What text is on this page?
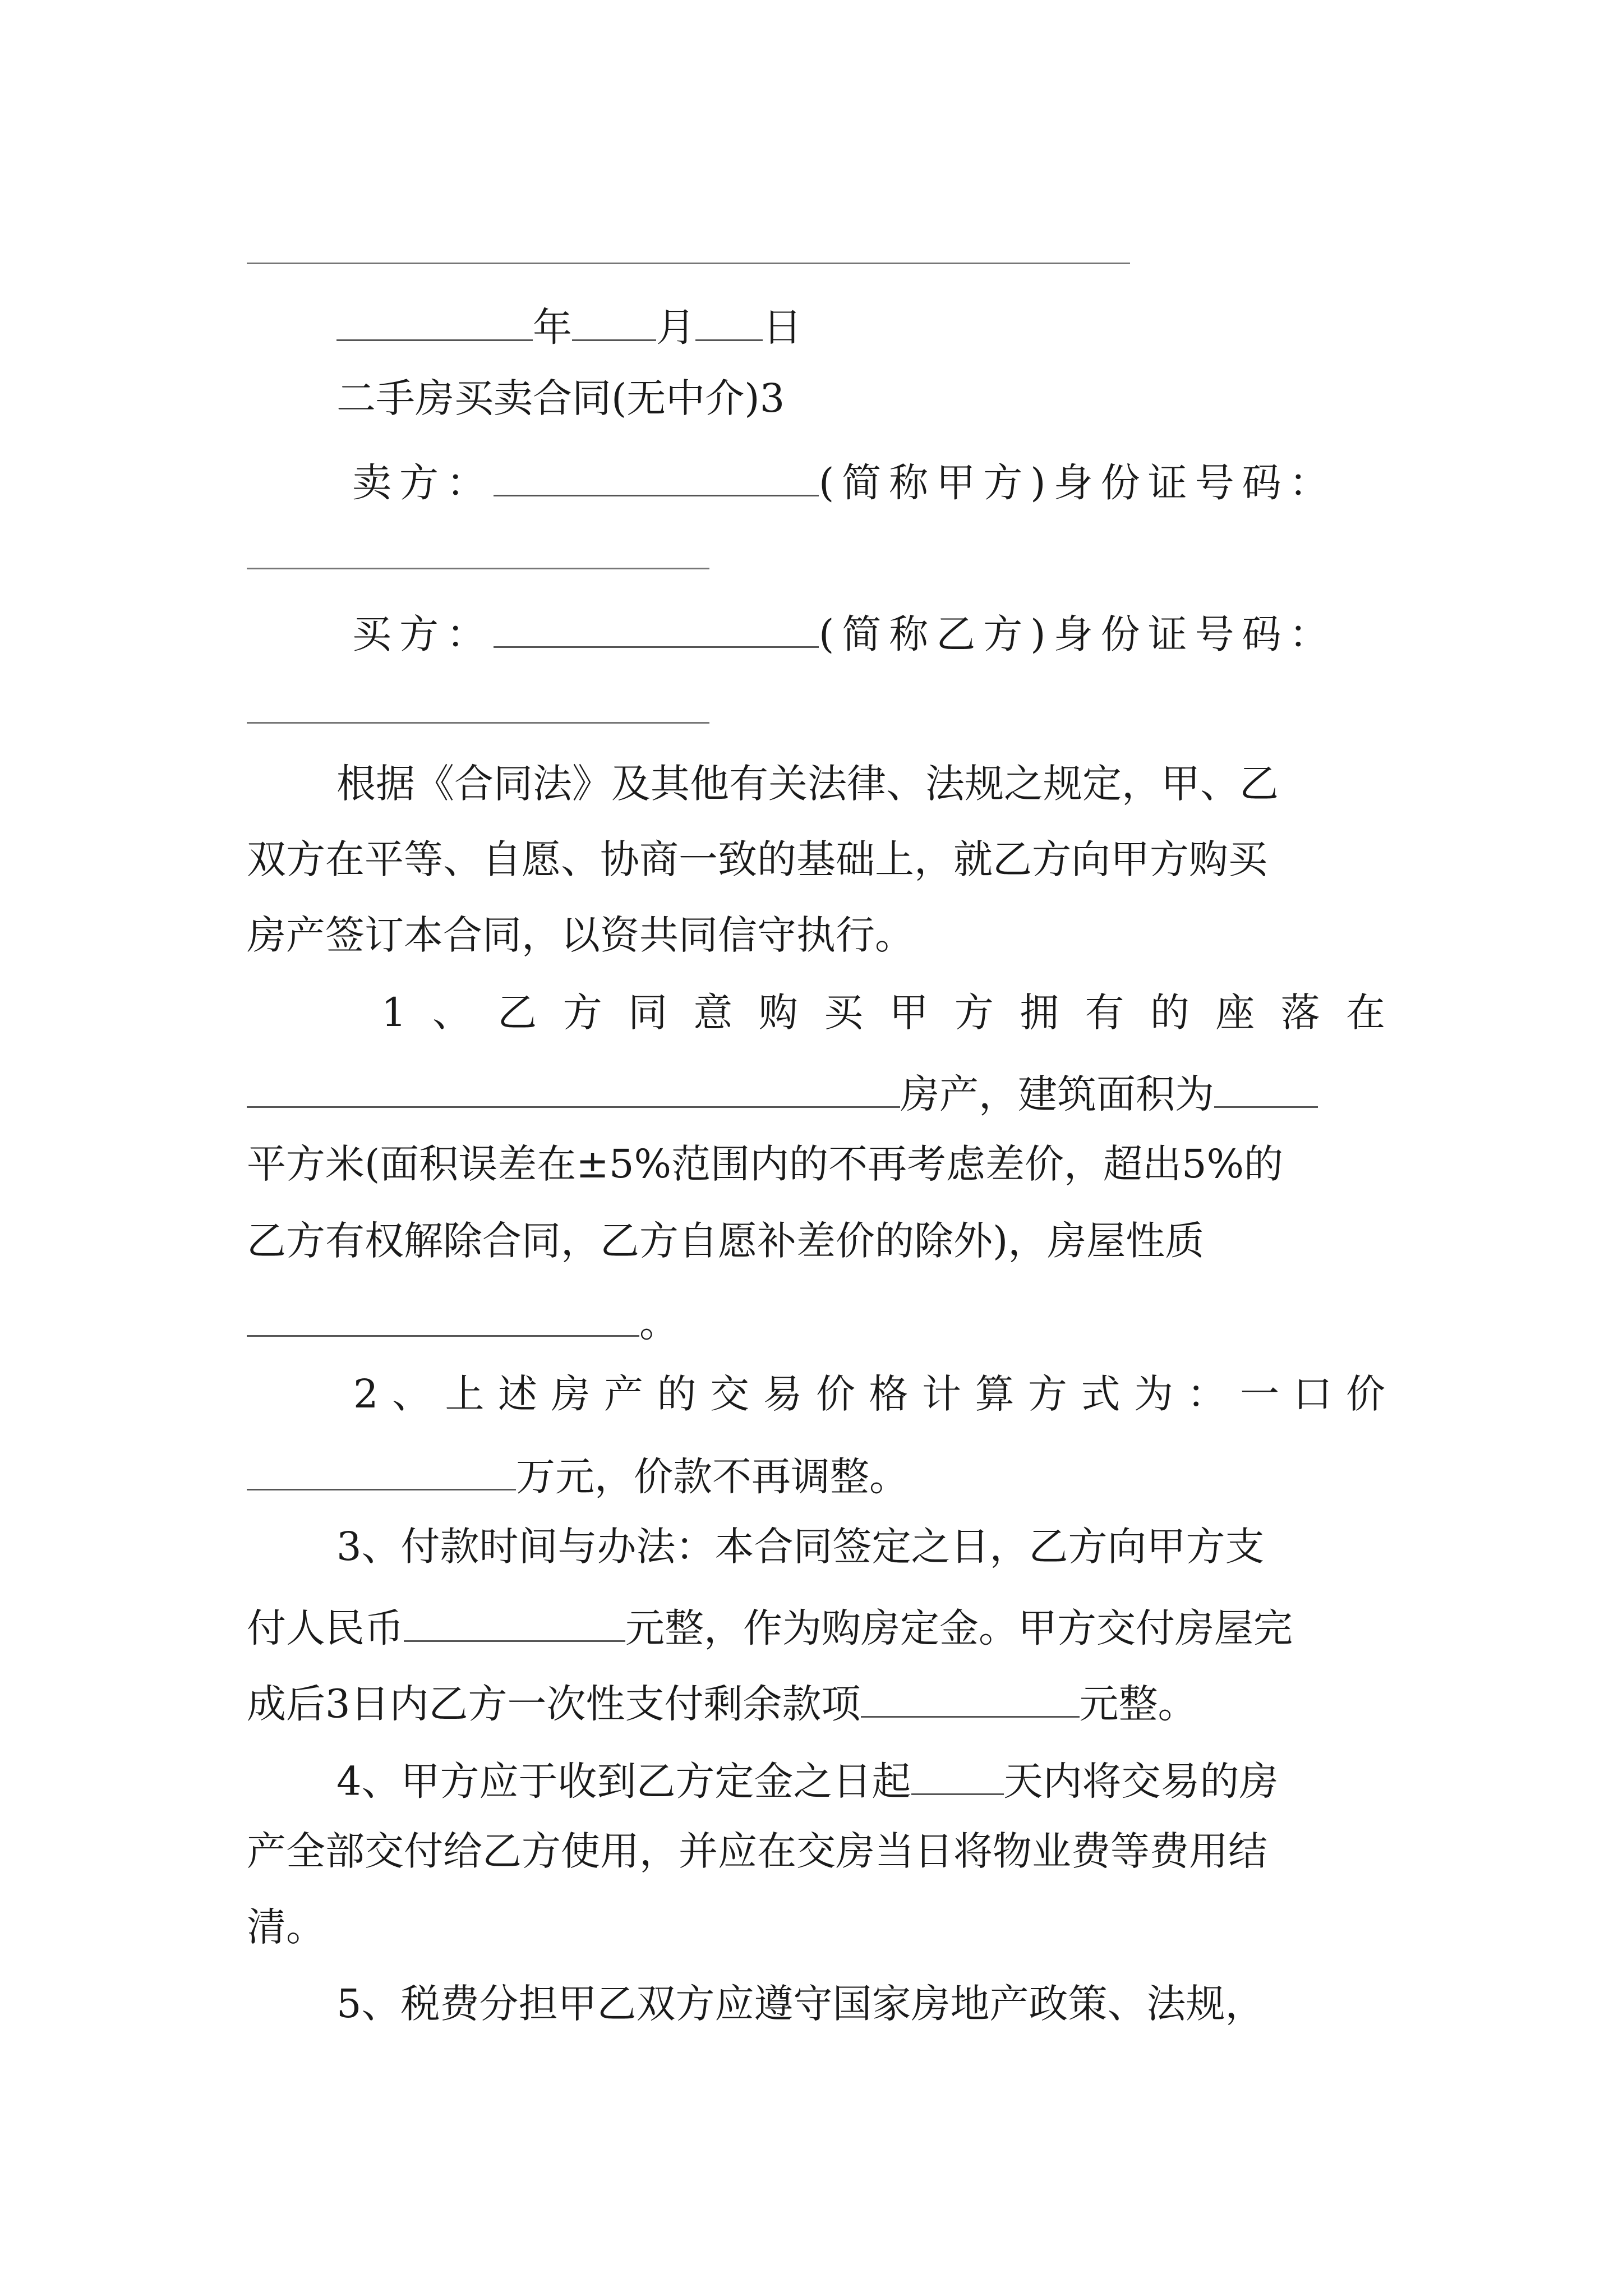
年 月 日
二手房买卖合同(无中介)3
卖方：	(简称甲方)身份证号码：
买方：	(简称乙方)身份证号码：
根据《合同法》及其他有关法律、法规之规定，甲、乙
双方在平等、自愿、协商一致的基础上，就乙方向甲方购买
房产签订本合同，以资共同信守执行。
1、乙方同意购买甲方拥有的座落在
房产，建筑面积为
平方米(面积误差在±5%范围内的不再考虑差价，超出5%的
乙方有权解除合同，乙方自愿补差价的除外)，房屋性质
。
2、上述房产的交易价格计算方式为：一口价
万元，价款不再调整。
3、付款时间与办法：本合同签定之日，乙方向甲方支
付人民币	元整，作为购房定金。甲方交付房屋完
成后3日内乙方一次性支付剩余款项	元整。
4、甲方应于收到乙方定金之日起 天内将交易的房
产全部交付给乙方使用，并应在交房当日将物业费等费用结
清。
5、税费分担甲乙双方应遵守国家房地产政策、法规，
